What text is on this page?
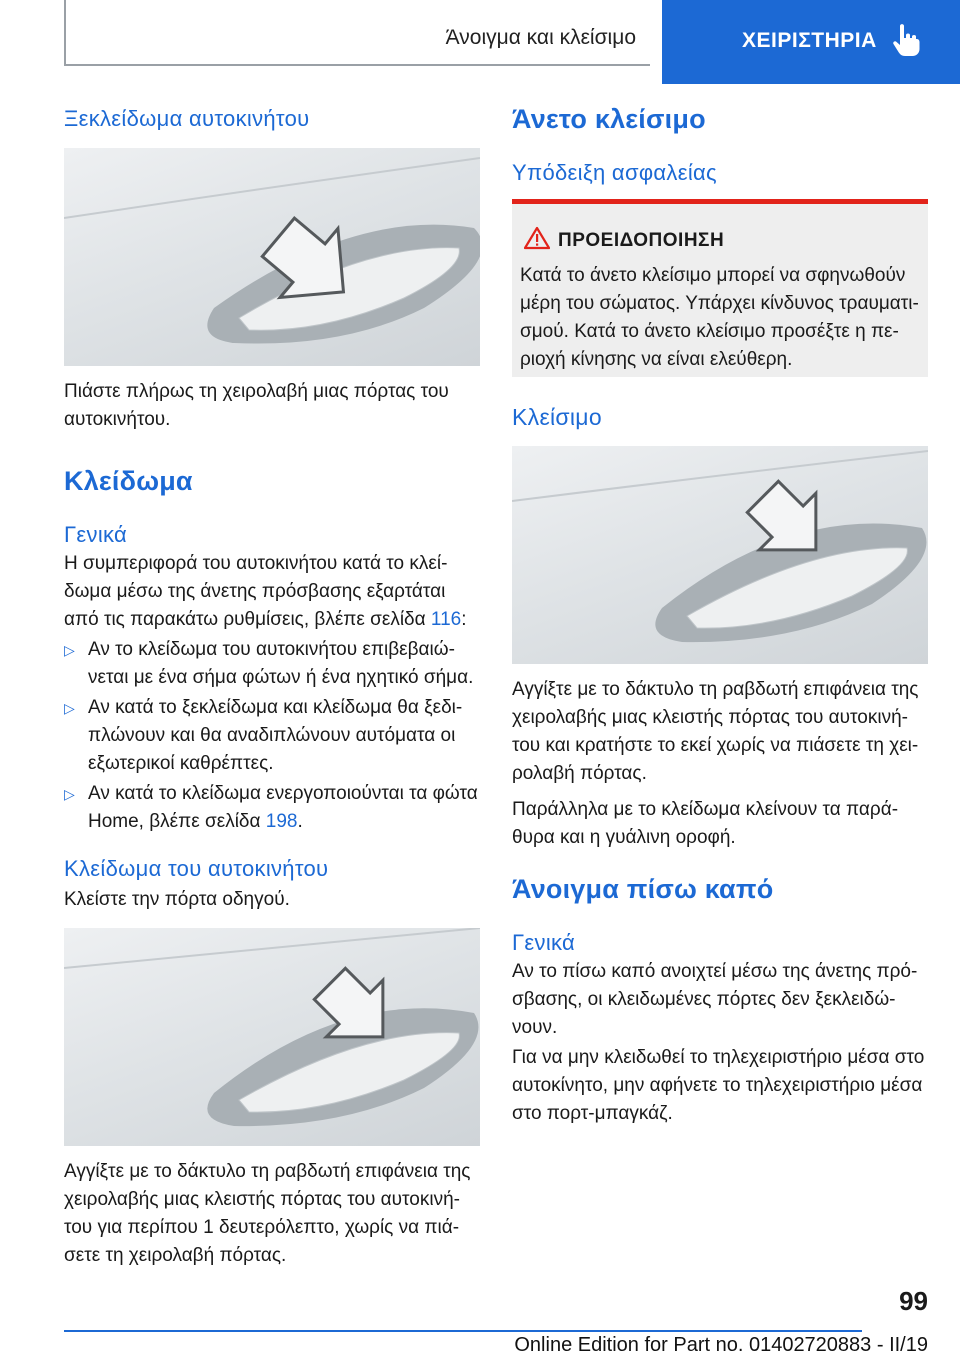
Άνοιγμα και κλείσιμο	ΧΕΙΡΙΣΤΗΡΙΑ
Ξεκλείδωμα αυτοκινήτου
Πιάστε πλήρως τη χειρολαβή μιας πόρτας του αυτοκινήτου.
Κλείδωμα
Γενικά
Η συμπεριφορά του αυτοκινήτου κατά το κλείδωμα μέσω της άνετης πρόσβασης εξαρτάται από τις παρακάτω ρυθμίσεις, βλέπε σελίδα 116:
▷ Αν το κλείδωμα του αυτοκινήτου επιβεβαιώνεται με ένα σήμα φώτων ή ένα ηχητικό σήμα.
▷ Αν κατά το ξεκλείδωμα και κλείδωμα θα ξεδιπλώνουν και θα αναδιπλώνουν αυτόματα οι εξωτερικοί καθρέπτες.
▷ Αν κατά το κλείδωμα ενεργοποιούνται τα φώτα Home, βλέπε σελίδα 198.
Κλείδωμα του αυτοκινήτου
Κλείστε την πόρτα οδηγού.
Αγγίξτε με το δάκτυλο τη ραβδωτή επιφάνεια της χειρολαβής μιας κλειστής πόρτας του αυτοκινήτου για περίπου 1 δευτερόλεπτο, χωρίς να πιάσετε τη χειρολαβή πόρτας.
Άνετο κλείσιμο
Υπόδειξη ασφαλείας
ΠΡΟΕΙΔΟΠΟΙΗΣΗ
Κατά το άνετο κλείσιμο μπορεί να σφηνωθούν μέρη του σώματος. Υπάρχει κίνδυνος τραυματισμού. Κατά το άνετο κλείσιμο προσέξτε η περιοχή κίνησης να είναι ελεύθερη.
Κλείσιμο
Αγγίξτε με το δάκτυλο τη ραβδωτή επιφάνεια της χειρολαβής μιας κλειστής πόρτας του αυτοκινήτου και κρατήστε το εκεί χωρίς να πιάσετε τη χειρολαβή πόρτας.
Παράλληλα με το κλείδωμα κλείνουν τα παράθυρα και η γυάλινη οροφή.
Άνοιγμα πίσω καπό
Γενικά
Αν το πίσω καπό ανοιχτεί μέσω της άνετης πρόσβασης, οι κλειδωμένες πόρτες δεν ξεκλειδώνουν.
Για να μην κλειδωθεί το τηλεχειριστήριο μέσα στο αυτοκίνητο, μην αφήνετε το τηλεχειριστήριο μέσα στο πορτ-μπαγκάζ.
99
Online Edition for Part no. 01402720883 - II/19
